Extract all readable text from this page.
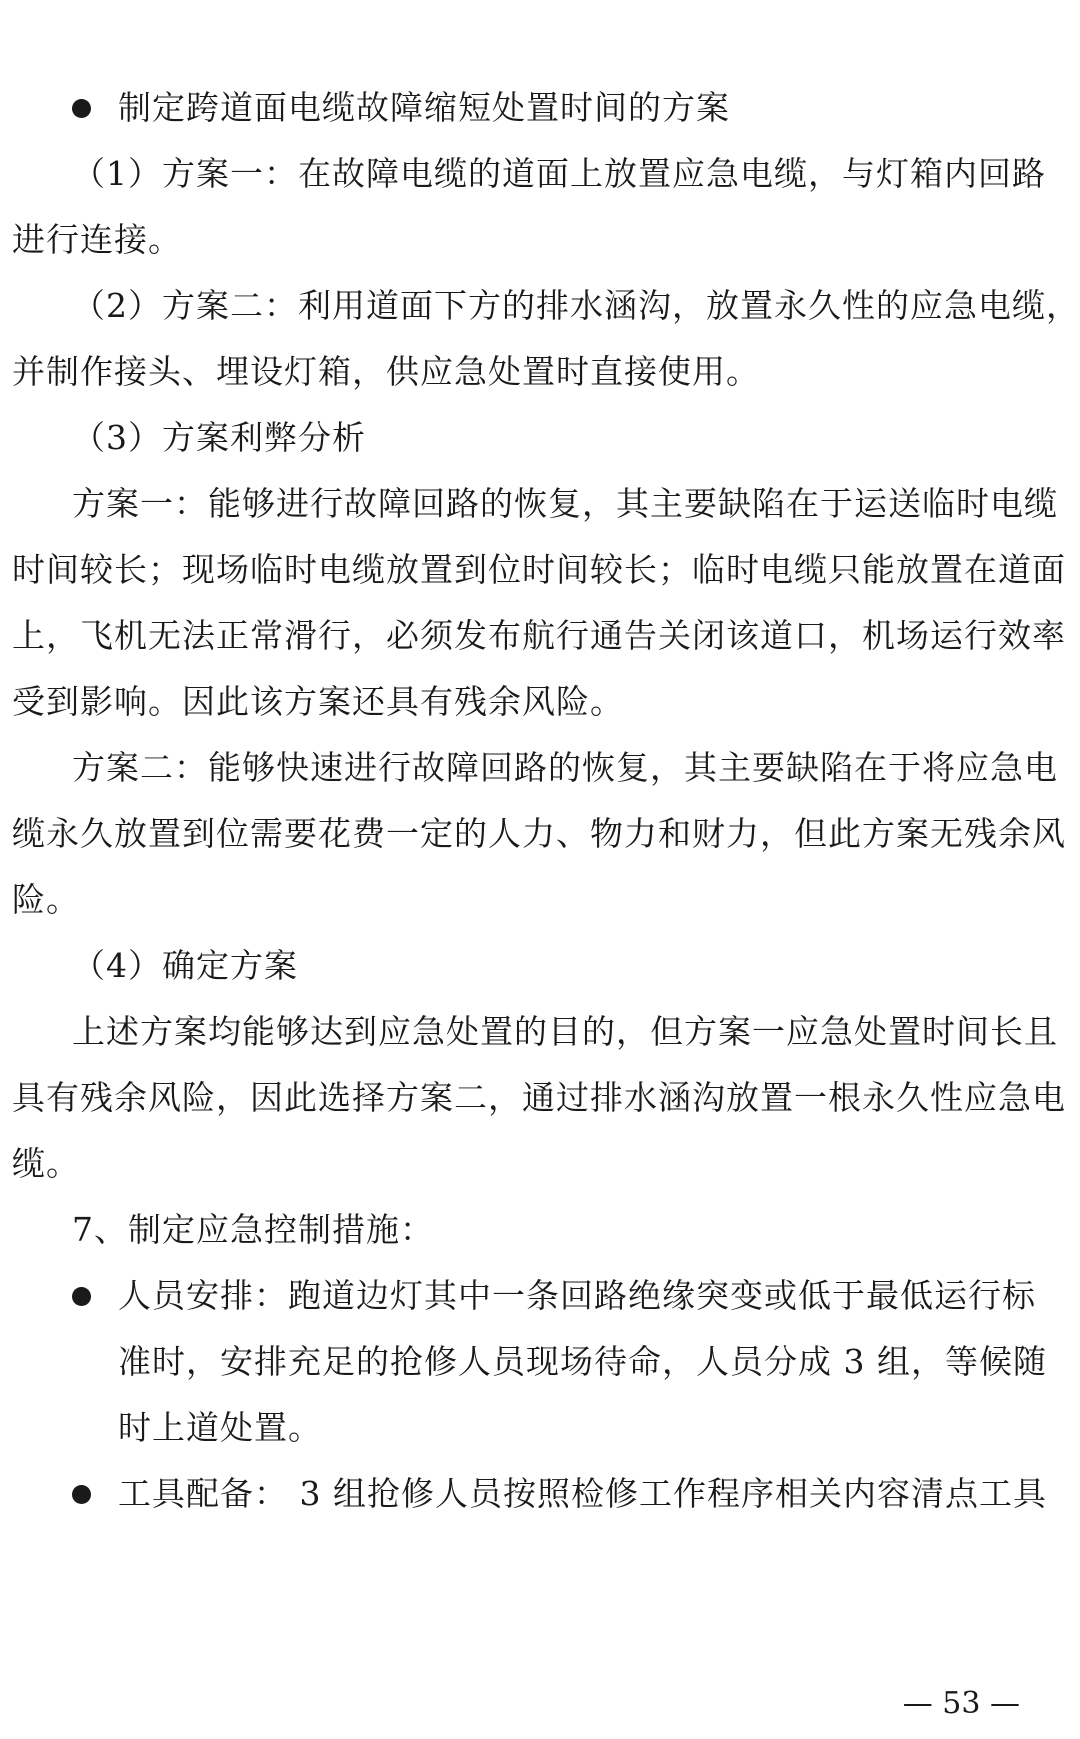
制定跨道面电缆故障缩短处置时间的方案
（1）方案一：在故障电缆的道面上放置应急电缆，与灯箱内回路
进行连接。
（2）方案二：利用道面下方的排水涵沟，放置永久性的应急电缆，
并制作接头、埋设灯箱，供应急处置时直接使用。
（3）方案利弊分析
方案一：能够进行故障回路的恢复，其主要缺陷在于运送临时电缆
时间较长；现场临时电缆放置到位时间较长；临时电缆只能放置在道面
上，飞机无法正常滑行，必须发布航行通告关闭该道口，机场运行效率
受到影响。因此该方案还具有残余风险。
方案二：能够快速进行故障回路的恢复，其主要缺陷在于将应急电
缆永久放置到位需要花费一定的人力、物力和财力，但此方案无残余风
险。
（4）确定方案
上述方案均能够达到应急处置的目的，但方案一应急处置时间长且
具有残余风险，因此选择方案二，通过排水涵沟放置一根永久性应急电
缆。
7、制定应急控制措施：
人员安排：跑道边灯其中一条回路绝缘突变或低于最低运行标
准时，安排充足的抢修人员现场待命，人员分成 3 组，等候随
时上道处置。
工具配备： 3 组抢修人员按照检修工作程序相关内容清点工具
— 53 —
